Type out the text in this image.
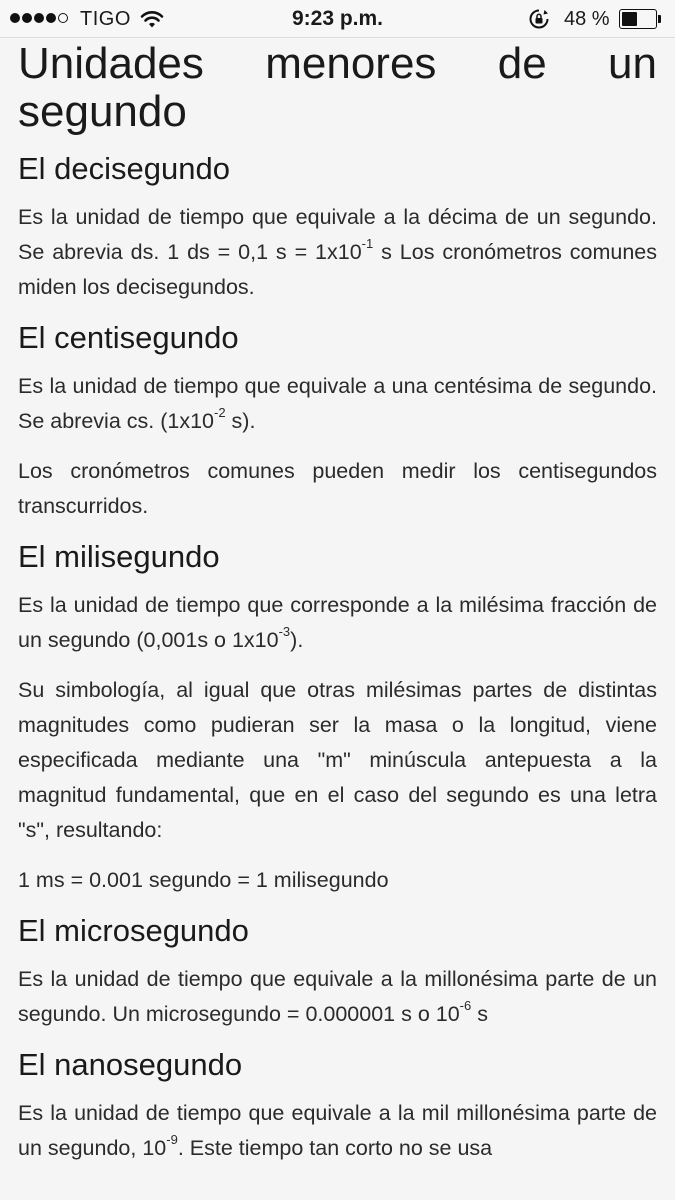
TIGO	9:23 p.m.	48 %
Unidades menores de un segundo
El decisegundo

Es la unidad de tiempo que equivale a la décima de un segundo. Se abrevia ds. 1 ds = 0,1 $s = 1x10^{-1}$ s Los cronómetros comunes miden los decisegundos.

El centisegundo

Es la unidad de tiempo que equivale a una centésima de segundo. Se abrevia cs. ($1x10^{-2}$ s).

Los cronómetros comunes pueden medir los centisegundos transcurridos.

El milisegundo

Es la unidad de tiempo que corresponde a la milésima fracción de un segundo (0,001s o $1x10^{-3}$).

Su simbología, al igual que otras milésimas partes de distintas magnitudes como pudieran ser la masa o la longitud, viene especificada mediante una "m" minúscula antepuesta a la magnitud fundamental, que en el caso del segundo es una letra "s", resultando:

1 ms = 0.001 segundo = 1 milisegundo

El microsegundo

Es la unidad de tiempo que equivale a la millonésima parte de un segundo. Un microsegundo = 0.000001 s o $10^{-6}$ s

El nanosegundo

Es la unidad de tiempo que equivale a la mil millonésima parte de un segundo, $10^{-9}$. Este tiempo tan corto no se usa
